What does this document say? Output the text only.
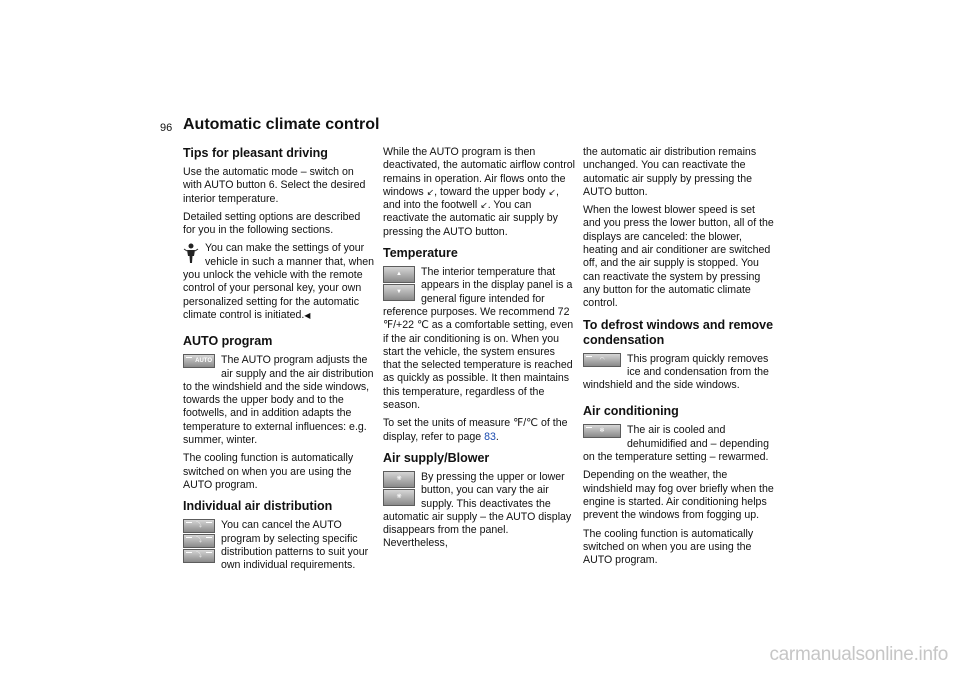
96 Automatic climate control
Tips for pleasant driving

Use the automatic mode – switch on with AUTO button 6. Select the desired interior temperature.

Detailed setting options are described for you in the following sections.

You can make the settings of your vehicle in such a manner that, when you unlock the vehicle with the remote control of your personal key, your own personalized setting for the automatic climate control is initiated.◀

AUTO program
AUTO The AUTO program adjusts the air supply and the air distribution to the windshield and the side windows, towards the upper body and to the footwells, and in addition adapts the temperature to external influences: e.g. summer, winter.

The cooling function is automatically switched on when you are using the AUTO program.

Individual air distribution
⤵
⤵
⤵

You can cancel the AUTO program by selecting specific distribution patterns to suit your own individual requirements.

While the AUTO program is then deactivated, the automatic airflow control remains in operation. Air flows onto the windows ↙, toward the upper body ↙, and into the footwell ↙. You can reactivate the automatic air supply by pressing the AUTO button.

Temperature
▲
▼

The interior temperature that appears in the display panel is a general figure intended for reference purposes. We recommend 72 ℉/+22 ℃ as a comfortable setting, even if the air conditioning is on. When you start the vehicle, the system ensures that the selected temperature is reached as quickly as possible. It then maintains this temperature, regardless of the season.

To set the units of measure ℉/℃ of the display, refer to page 83.

Air supply/Blower
❋
❋

By pressing the upper or lower button, you can vary the air supply. This deactivates the automatic air supply – the AUTO display disappears from the panel. Nevertheless,

the automatic air distribution remains unchanged. You can reactivate the automatic air supply by pressing the AUTO button.

When the lowest blower speed is set and you press the lower button, all of the displays are canceled: the blower, heating and air conditioner are switched off, and the air supply is stopped. You can reactivate the system by pressing any button for the automatic climate control.

To defrost windows and remove condensation
◠	This program quickly removes ice and condensation from the windshield and the side windows.

Air conditioning
✻	The air is cooled and dehumidified and – depending on the temperature setting – rewarmed.

Depending on the weather, the windshield may fog over briefly when the engine is started. Air conditioning helps prevent the windows from fogging up.

The cooling function is automatically switched on when you are using the AUTO program.

carmanualsonline.info
